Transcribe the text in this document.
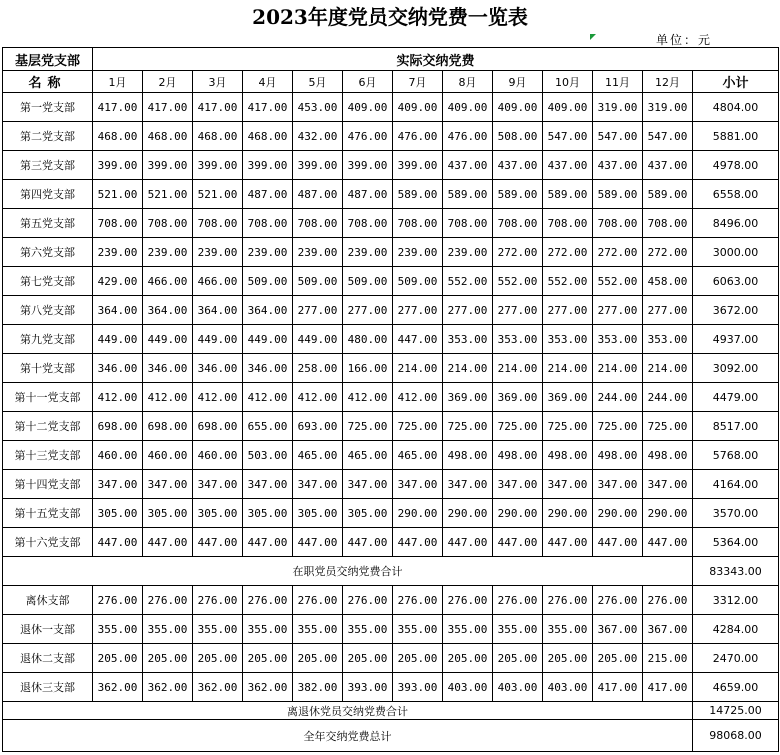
2023年度党员交纳党费一览表
单位：元
基层党支部	实际交纳党费												
名称	1月	2月	3月	4月	5月	6月	7月	8月	9月	10月	11月	12月	小计
第一党支部	417.00	417.00	417.00	417.00	453.00	409.00	409.00	409.00	409.00	409.00	319.00	319.00	4804.00
第二党支部	468.00	468.00	468.00	468.00	432.00	476.00	476.00	476.00	508.00	547.00	547.00	547.00	5881.00
第三党支部	399.00	399.00	399.00	399.00	399.00	399.00	399.00	437.00	437.00	437.00	437.00	437.00	4978.00
第四党支部	521.00	521.00	521.00	487.00	487.00	487.00	589.00	589.00	589.00	589.00	589.00	589.00	6558.00
第五党支部	708.00	708.00	708.00	708.00	708.00	708.00	708.00	708.00	708.00	708.00	708.00	708.00	8496.00
第六党支部	239.00	239.00	239.00	239.00	239.00	239.00	239.00	239.00	272.00	272.00	272.00	272.00	3000.00
第七党支部	429.00	466.00	466.00	509.00	509.00	509.00	509.00	552.00	552.00	552.00	552.00	458.00	6063.00
第八党支部	364.00	364.00	364.00	364.00	277.00	277.00	277.00	277.00	277.00	277.00	277.00	277.00	3672.00
第九党支部	449.00	449.00	449.00	449.00	449.00	480.00	447.00	353.00	353.00	353.00	353.00	353.00	4937.00
第十党支部	346.00	346.00	346.00	346.00	258.00	166.00	214.00	214.00	214.00	214.00	214.00	214.00	3092.00
第十一党支部	412.00	412.00	412.00	412.00	412.00	412.00	412.00	369.00	369.00	369.00	244.00	244.00	4479.00
第十二党支部	698.00	698.00	698.00	655.00	693.00	725.00	725.00	725.00	725.00	725.00	725.00	725.00	8517.00
第十三党支部	460.00	460.00	460.00	503.00	465.00	465.00	465.00	498.00	498.00	498.00	498.00	498.00	5768.00
第十四党支部	347.00	347.00	347.00	347.00	347.00	347.00	347.00	347.00	347.00	347.00	347.00	347.00	4164.00
第十五党支部	305.00	305.00	305.00	305.00	305.00	305.00	290.00	290.00	290.00	290.00	290.00	290.00	3570.00
第十六党支部	447.00	447.00	447.00	447.00	447.00	447.00	447.00	447.00	447.00	447.00	447.00	447.00	5364.00
在职党员交纳党费合计													83343.00
离休支部	276.00	276.00	276.00	276.00	276.00	276.00	276.00	276.00	276.00	276.00	276.00	276.00	3312.00
退休一支部	355.00	355.00	355.00	355.00	355.00	355.00	355.00	355.00	355.00	355.00	367.00	367.00	4284.00
退休二支部	205.00	205.00	205.00	205.00	205.00	205.00	205.00	205.00	205.00	205.00	205.00	215.00	2470.00
退休三支部	362.00	362.00	362.00	362.00	382.00	393.00	393.00	403.00	403.00	403.00	417.00	417.00	4659.00
离退休党员交纳党费合计													14725.00
全年交纳党费总计													98068.00
